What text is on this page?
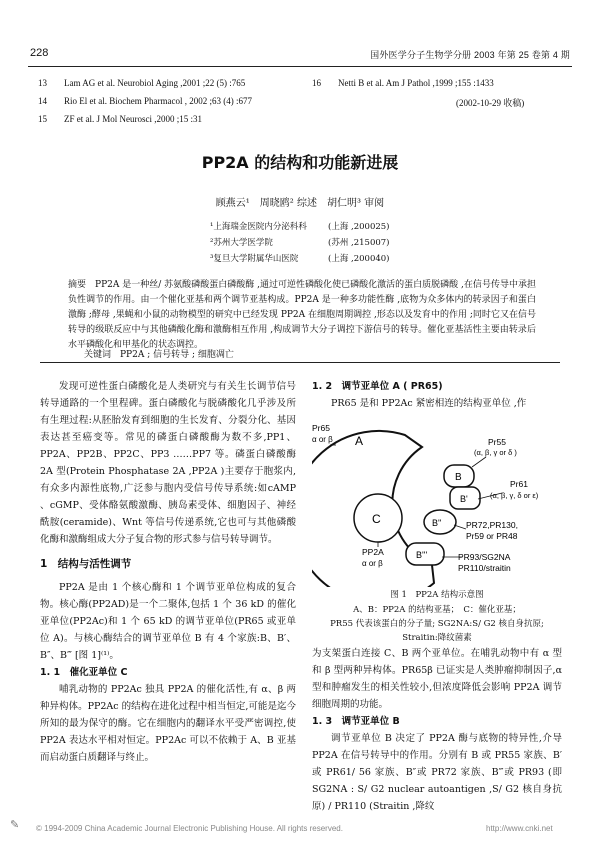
228	国外医学分子生物学分册 2003 年第 25 卷第 4 期
13 Lam AG et al. Neurobiol Aging ,2001 ;22 (5) :765
14 Rio El et al. Biochem Pharmacol , 2002 ;63 (4) :677
15 ZF et al. J Mol Neurosci ,2000 ;15 :31
16 Netti B et al. Am J Pathol ,1999 ;155 :1433
(2002-10-29 收稿)
PP2A 的结构和功能新进展
顾燕云¹　周晓鸥² 综述　胡仁明³ 审阅
¹上海瑞金医院内分泌科科 (上海 ,200025)
²苏州大学医学院	(苏州 ,215007)
³复旦大学附属华山医院	(上海 ,200040)
摘要　PP2A 是一种丝/ 苏氨酸磷酸蛋白磷酸酶 ,通过可逆性磷酸化使已磷酸化激活的蛋白质脱磷酸 ,在信号传导中承担负性调节的作用。由一个催化亚基和两个调节亚基构成。PP2A 是一种多功能性酶 ,底物为众多体内的转录因子和蛋白激酶 ;酵母 ,果蝇和小鼠的动物模型的研究中已经发现 PP2A 在细胞周期调控 ,形态以及发育中的作用 ;同时它又在信号转导的级联反应中与其他磷酸化酶和激酶相互作用 ,构成调节大分子调控下游信号的转导。催化亚基活性主要由转录后水平磷酸化和甲基化的状态调控。
关键词　PP2A ; 信号转导 ; 细胞凋亡

发现可逆性蛋白磷酸化是人类研究与有关生长调节信号转导通路的一个里程碑。蛋白磷酸化与脱磷酸化几乎涉及所有生理过程:从胚胎发育到细胞的生长发育、分裂分化、基因表达甚至癌变等。常见的磷蛋白磷酸酶为数不多,PP1、PP2A、PP2B、PP2C、PP3 ……PP7 等。磷蛋白磷酸酶 2A 型(Protein Phosphatase 2A ,PP2A )主要存于胞浆内,有众多内源性底物,广泛参与胞内受信号传导系统:如cAMP 、cGMP、受体酪氨酸激酶、胰岛素受体、细胞因子、神经酰胺(ceramide)、Wnt 等信号传递系统,它也可与其他磷酸化酶和激酶组成大分子复合物的形式参与信号转导调节。

1　结构与活性调节

PP2A 是由 1 个核心酶和 1 个调节亚单位构成的复合物。核心酶(PP2AD)是一个二聚体,包括 1 个 36 kD 的催化亚单位(PP2Ac)和 1 个 65 kD 的调节亚单位(PR65 或亚单位 A)。与核心酶结合的调节亚单位 B 有 4 个家族:B、B′、B″、B‴ [图 1]⁽¹⁾。

1. 1　催化亚单位 C

哺乳动物的 PP2Ac 独具 PP2A 的催化活性,有 α、β 两种异构体。PP2Ac 的结构在进化过程中相当恒定,可能是迄今所知的最为保守的酶。它在细胞内的翻译水平受严密调控,使 PP2A 表达水平相对恒定。PP2Ac 可以不依赖于 A、B 亚基而启动蛋白质翻译与终止。

1. 2　调节亚单位 A ( PR65)

PR65 是和 PP2Ac 紧密相连的结构亚单位 ,作

Pr65
α or β A	Pr55
(α, β, γ or δ )
B
B'
Pr61
(α, β, γ, δ or ε)
C	B''	PR72,PR130,
Pr59 or PR48
PP2A
α or β
B'''	PR93/SG2NA
PR110/straitin
图 1　PP2A 结构示意图
A、B：PP2A 的结构亚基；　C：催化亚基；
PR55 代表该蛋白的分子量; SG2NA:S/ G2 核自身抗原;
Straitin:降纹菌素

为支架蛋白连接 C、B 两个亚单位。在哺乳动物中有 α 型和 β 型两种异构体。PR65β 已证实是人类肿瘤抑制因子,α 型和肿瘤发生的相关性较小,但浓度降低会影响 PP2A 调节细胞周期的功能。

1. 3　调节亚单位 B

调节亚单位 B 决定了 PP2A 酶与底物的特异性,介导 PP2A 在信号转导中的作用。分别有 B 或 PR55 家族、B′或 PR61/ 56 家族、B″或 PR72 家族、B‴或 PR93 (即 SG2NA : S/ G2 nuclear autoantigen ,S/ G2 核自身抗原) / PR110 (Straitin ,降纹

✎ © 1994-2009 China Academic Journal Electronic Publishing House. All rights reserved.	http://www.cnki.net
